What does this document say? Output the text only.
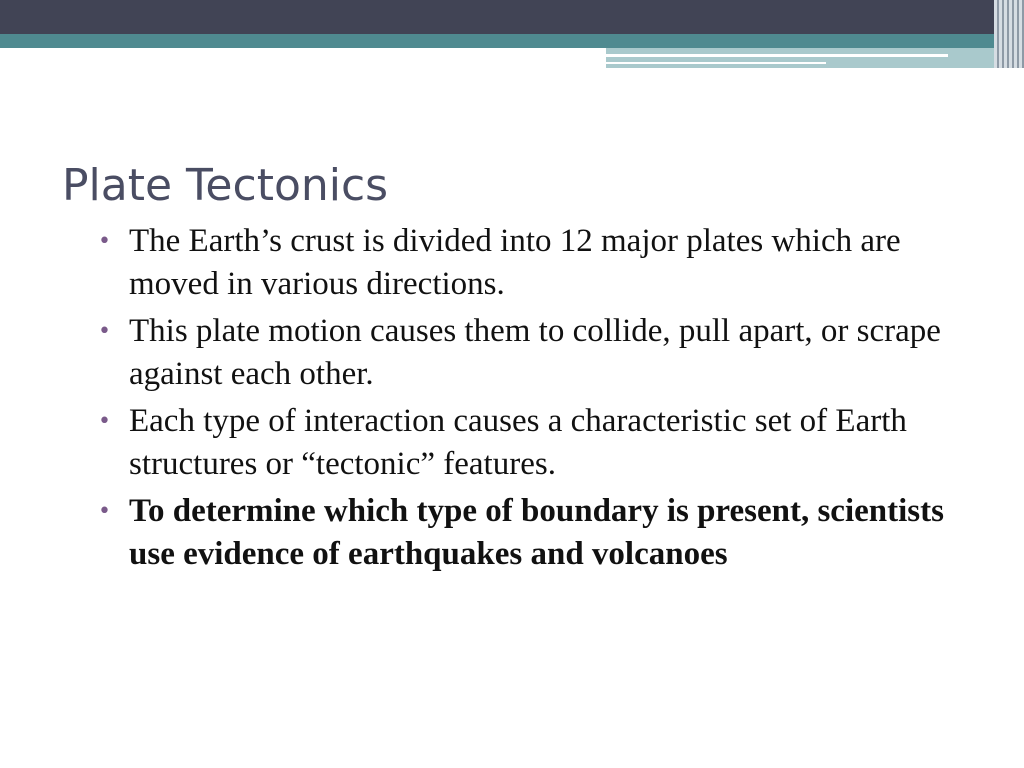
Plate Tectonics
• The Earth’s crust is divided into 12 major plates which are moved in various directions.
• This plate motion causes them to collide, pull apart, or scrape against each other.
• Each type of interaction causes a characteristic set of Earth structures or “tectonic” features.
• To determine which type of boundary is present, scientists use evidence of earthquakes and volcanoes
